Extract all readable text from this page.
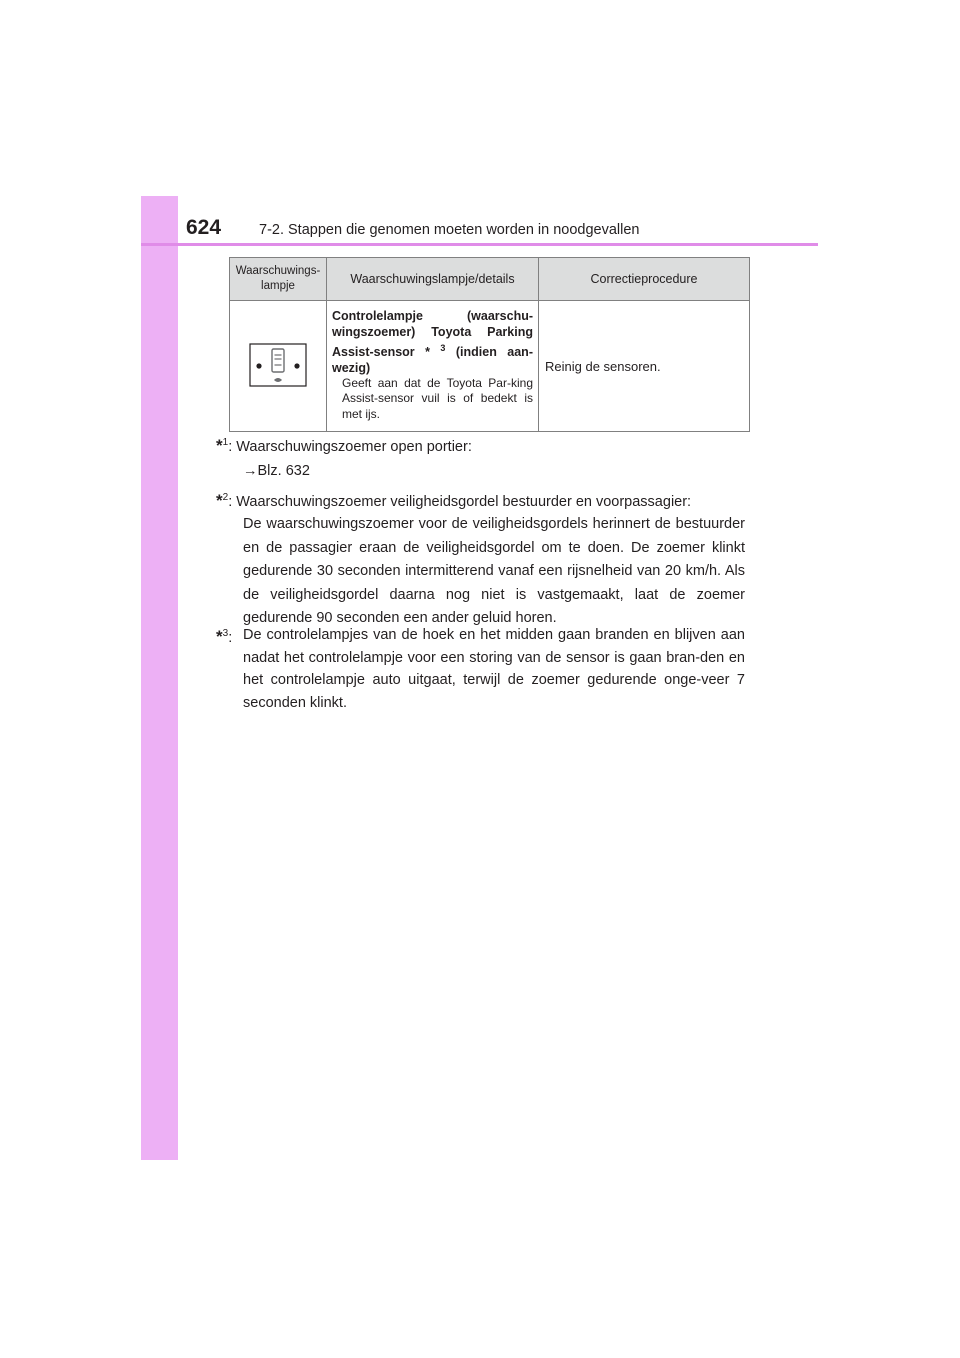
624	7-2. Stappen die genomen moeten worden in noodgevallen
Waarschuwings-lampje	Waarschuwingslampje/details	Correctieprocedure

Controlelampje (waarschu-wingszoemer) Toyota Parking Assist-sensor * $^3$ (indien aan-wezig)
Geeft aan dat de Toyota Par-king Assist-sensor vuil is of bedekt is met ijs.	Reinig de sensoren.
*$^1$: Waarschuwingszoemer open portier:
→Blz. 632
*$^2$: Waarschuwingszoemer veiligheidsgordel bestuurder en voorpassagier:
De waarschuwingszoemer voor de veiligheidsgordels herinnert de bestuurder en de passagier eraan de veiligheidsgordel om te doen. De zoemer klinkt gedurende 30 seconden intermitterend vanaf een rijsnelheid van 20 km/h. Als de veiligheidsgordel daarna nog niet is vastgemaakt, laat de zoemer gedurende 90 seconden een ander geluid horen.
*$^3$: De controlelampjes van de hoek en het midden gaan branden en blijven aan nadat het controlelampje voor een storing van de sensor is gaan bran-den en het controlelampje auto uitgaat, terwijl de zoemer gedurende onge-veer 7 seconden klinkt.
